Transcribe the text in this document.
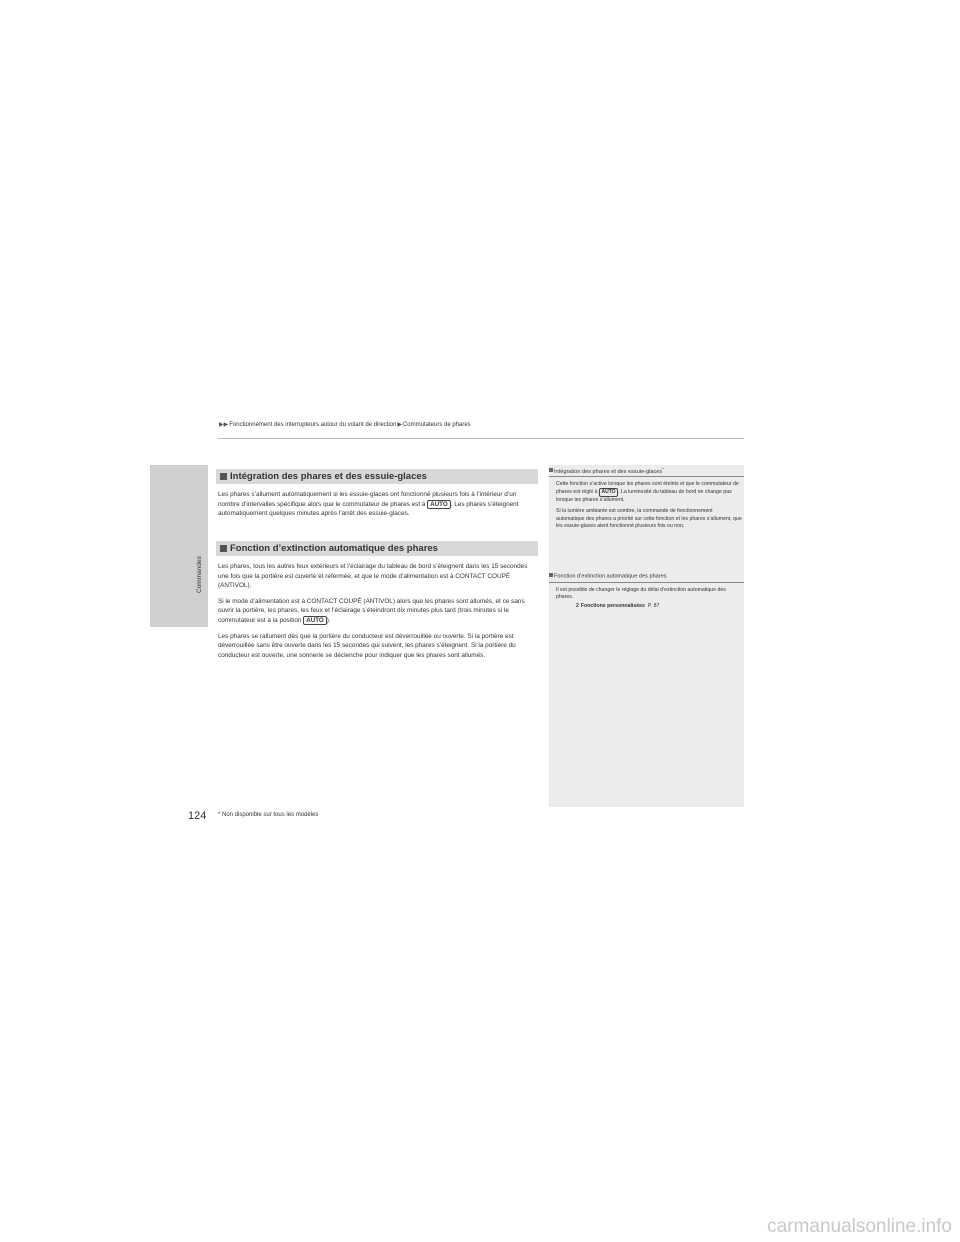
▶▶Fonctionnement des interrupteurs autour du volant de direction▶Commutateurs de phares
Commandes
Intégration des phares et des essuie-glaces

Les phares s’allument automatiquement si les essuie-glaces ont fonctionné plusieurs fois à l’intérieur d’un nombre d’intervalles spécifique alors que le commutateur de phares est à AUTO . Les phares s’éteignent automatiquement quelques minutes après l’arrêt des essuie-glaces.

Fonction d’extinction automatique des phares

Les phares, tous les autres feux extérieurs et l’éclairage du tableau de bord s’éteignent dans les 15 secondes une fois que la portière est ouverte et refermée, et que le mode d’alimentation est à CONTACT COUPÉ (ANTIVOL).

Si le mode d’alimentation est à CONTACT COUPÉ (ANTIVOL) alors que les phares sont allumés, et ce sans ouvrir la portière, les phares, les feux et l’éclairage s’éteindront dix minutes plus tard (trois minutes si le commutateur est à la position AUTO ).

Les phares se rallument dès que la portière du conducteur est déverrouillée ou ouverte. Si la portière est déverrouillée sans être ouverte dans les 15 secondes qui suivent, les phares s’éteignent. Si la portière du conducteur est ouverte, une sonnerie se déclenche pour indiquer que les phares sont allumés.

Intégration des phares et des essuie-glaces*

Cette fonction s’active lorsque les phares sont éteints et que le commutateur de phares est réglé à AUTO . La luminosité du tableau de bord ne change pas lorsque les phares s’allument.

Si la lumière ambiante est sombre, la commande de fonctionnement automatique des phares a priorité sur cette fonction et les phares s’allument, que les essuie-glaces aient fonctionné plusieurs fois ou non.

Fonction d’extinction automatique des phares

Il est possible de changer le réglage du délai d’extinction automatique des phares.

2 Fonctions personnalisées P. 87
124 * Non disponible sur tous les modèles
carmanualsonline.info
